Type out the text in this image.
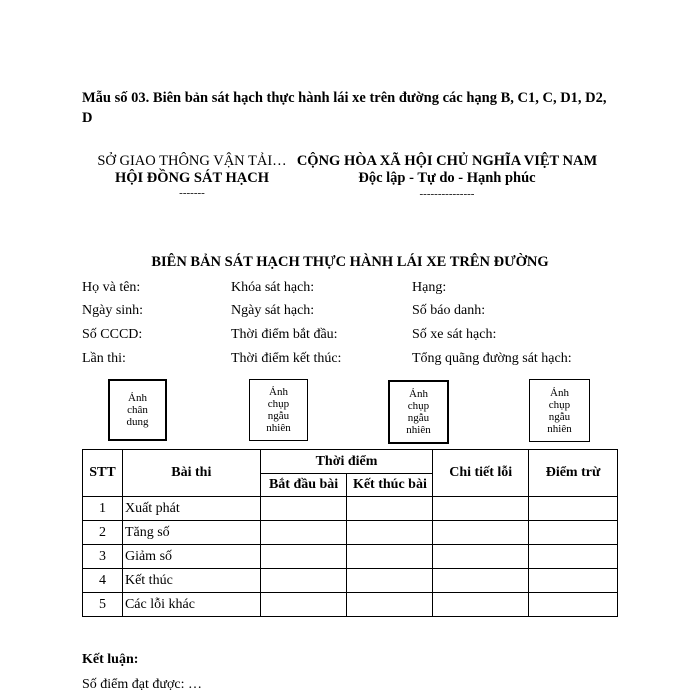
Mẫu số 03. Biên bản sát hạch thực hành lái xe trên đường các hạng B, C1, C, D1, D2, D
SỞ GIAO THÔNG VẬN TẢI…
HỘI ĐỒNG SÁT HẠCH
-------
CỘNG HÒA XÃ HỘI CHỦ NGHĨA VIỆT NAM
Độc lập - Tự do - Hạnh phúc
---------------
BIÊN BẢN SÁT HẠCH THỰC HÀNH LÁI XE TRÊN ĐƯỜNG
Họ và tên:	Khóa sát hạch:	Hạng:
Ngày sinh:	Ngày sát hạch:	Số báo danh:
Số CCCD:	Thời điểm bắt đầu:	Số xe sát hạch:
Lần thi:	Thời điểm kết thúc:	Tổng quãng đường sát hạch:
Ảnh
chân
dung
Ảnh
chụp
ngẫu
nhiên
Ảnh
chụp
ngẫu
nhiên
Ảnh
chụp
ngẫu
nhiên
STT	Bài thi	Thời điểm		Chi tiết lỗi	Điểm trừ
		Bắt đầu bài	Kết thúc bài		
1	Xuất phát				
2	Tăng số				
3	Giảm số				
4	Kết thúc				
5	Các lỗi khác				
Kết luận:
Số điểm đạt được: …
